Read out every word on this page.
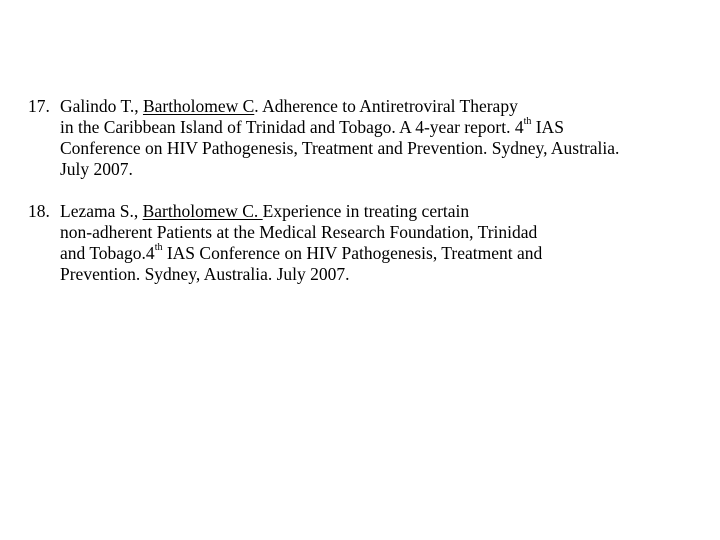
17. Galindo T., Bartholomew C. Adherence to Antiretroviral Therapy
in the Caribbean Island of Trinidad and Tobago. A 4-year report. 4th IAS
Conference on HIV Pathogenesis, Treatment and Prevention. Sydney, Australia.
July 2007.
18. Lezama S., Bartholomew C. Experience in treating certain
non-adherent Patients at the Medical Research Foundation, Trinidad
and Tobago.4th IAS Conference on HIV Pathogenesis, Treatment and
Prevention. Sydney, Australia. July 2007.
